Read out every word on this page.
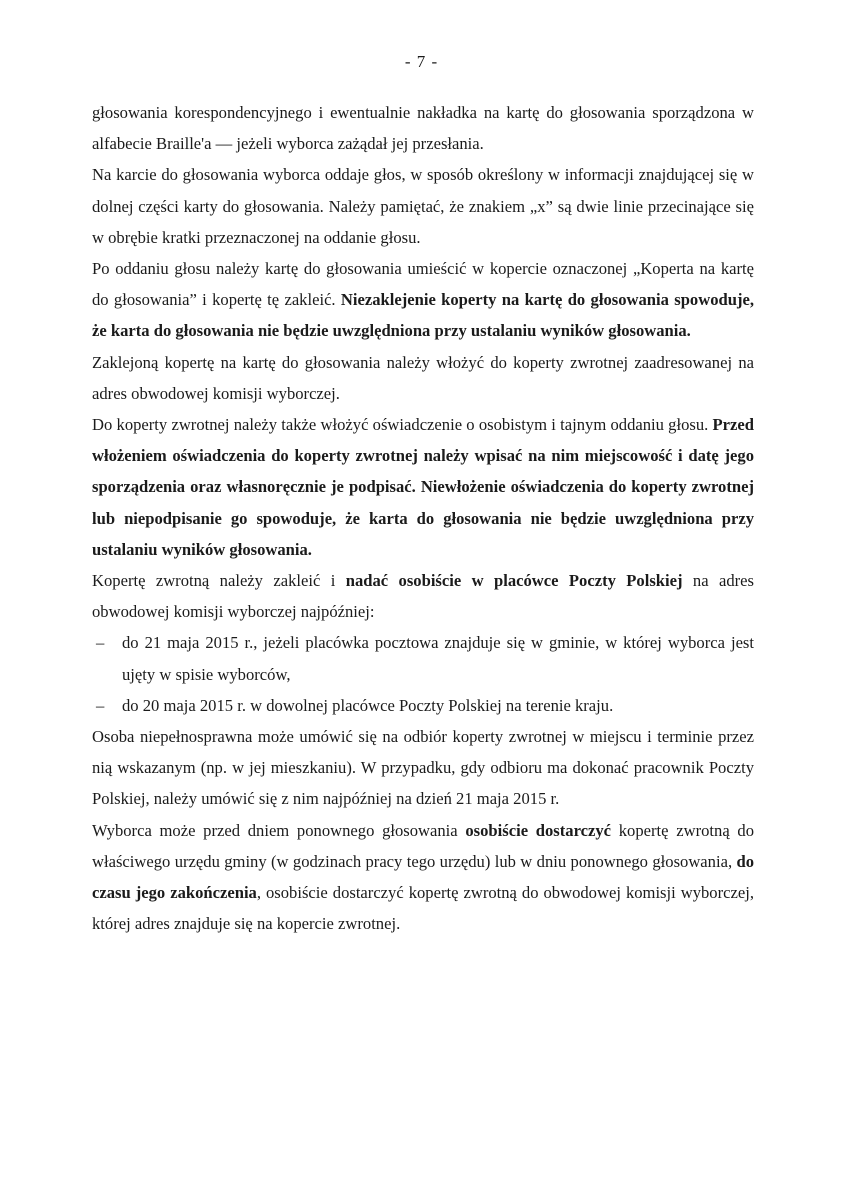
- 7 -

głosowania korespondencyjnego i ewentualnie nakładka na kartę do głosowania sporządzona w alfabecie Braille'a — jeżeli wyborca zażądał jej przesłania.

Na karcie do głosowania wyborca oddaje głos, w sposób określony w informacji znajdującej się w dolnej części karty do głosowania. Należy pamiętać, że znakiem „x” są dwie linie przecinające się w obrębie kratki przeznaczonej na oddanie głosu.

Po oddaniu głosu należy kartę do głosowania umieścić w kopercie oznaczonej „Koperta na kartę do głosowania” i kopertę tę zakleić. Niezaklejenie koperty na kartę do głosowania spowoduje, że karta do głosowania nie będzie uwzględniona przy ustalaniu wyników głosowania.

Zaklejoną kopertę na kartę do głosowania należy włożyć do koperty zwrotnej zaadresowanej na adres obwodowej komisji wyborczej.

Do koperty zwrotnej należy także włożyć oświadczenie o osobistym i tajnym oddaniu głosu. Przed włożeniem oświadczenia do koperty zwrotnej należy wpisać na nim miejscowość i datę jego sporządzenia oraz własnoręcznie je podpisać. Niewłożenie oświadczenia do koperty zwrotnej lub niepodpisanie go spowoduje, że karta do głosowania nie będzie uwzględniona przy ustalaniu wyników głosowania.

Kopertę zwrotną należy zakleić i nadać osobiście w placówce Poczty Polskiej na adres obwodowej komisji wyborczej najpóźniej:

– do 21 maja 2015 r., jeżeli placówka pocztowa znajduje się w gminie, w której wyborca jest ujęty w spisie wyborców,
– do 20 maja 2015 r. w dowolnej placówce Poczty Polskiej na terenie kraju.

Osoba niepełnosprawna może umówić się na odbiór koperty zwrotnej w miejscu i terminie przez nią wskazanym (np. w jej mieszkaniu). W przypadku, gdy odbioru ma dokonać pracownik Poczty Polskiej, należy umówić się z nim najpóźniej na dzień 21 maja 2015 r.

Wyborca może przed dniem ponownego głosowania osobiście dostarczyć kopertę zwrotną do właściwego urzędu gminy (w godzinach pracy tego urzędu) lub w dniu ponownego głosowania, do czasu jego zakończenia, osobiście dostarczyć kopertę zwrotną do obwodowej komisji wyborczej, której adres znajduje się na kopercie zwrotnej.
